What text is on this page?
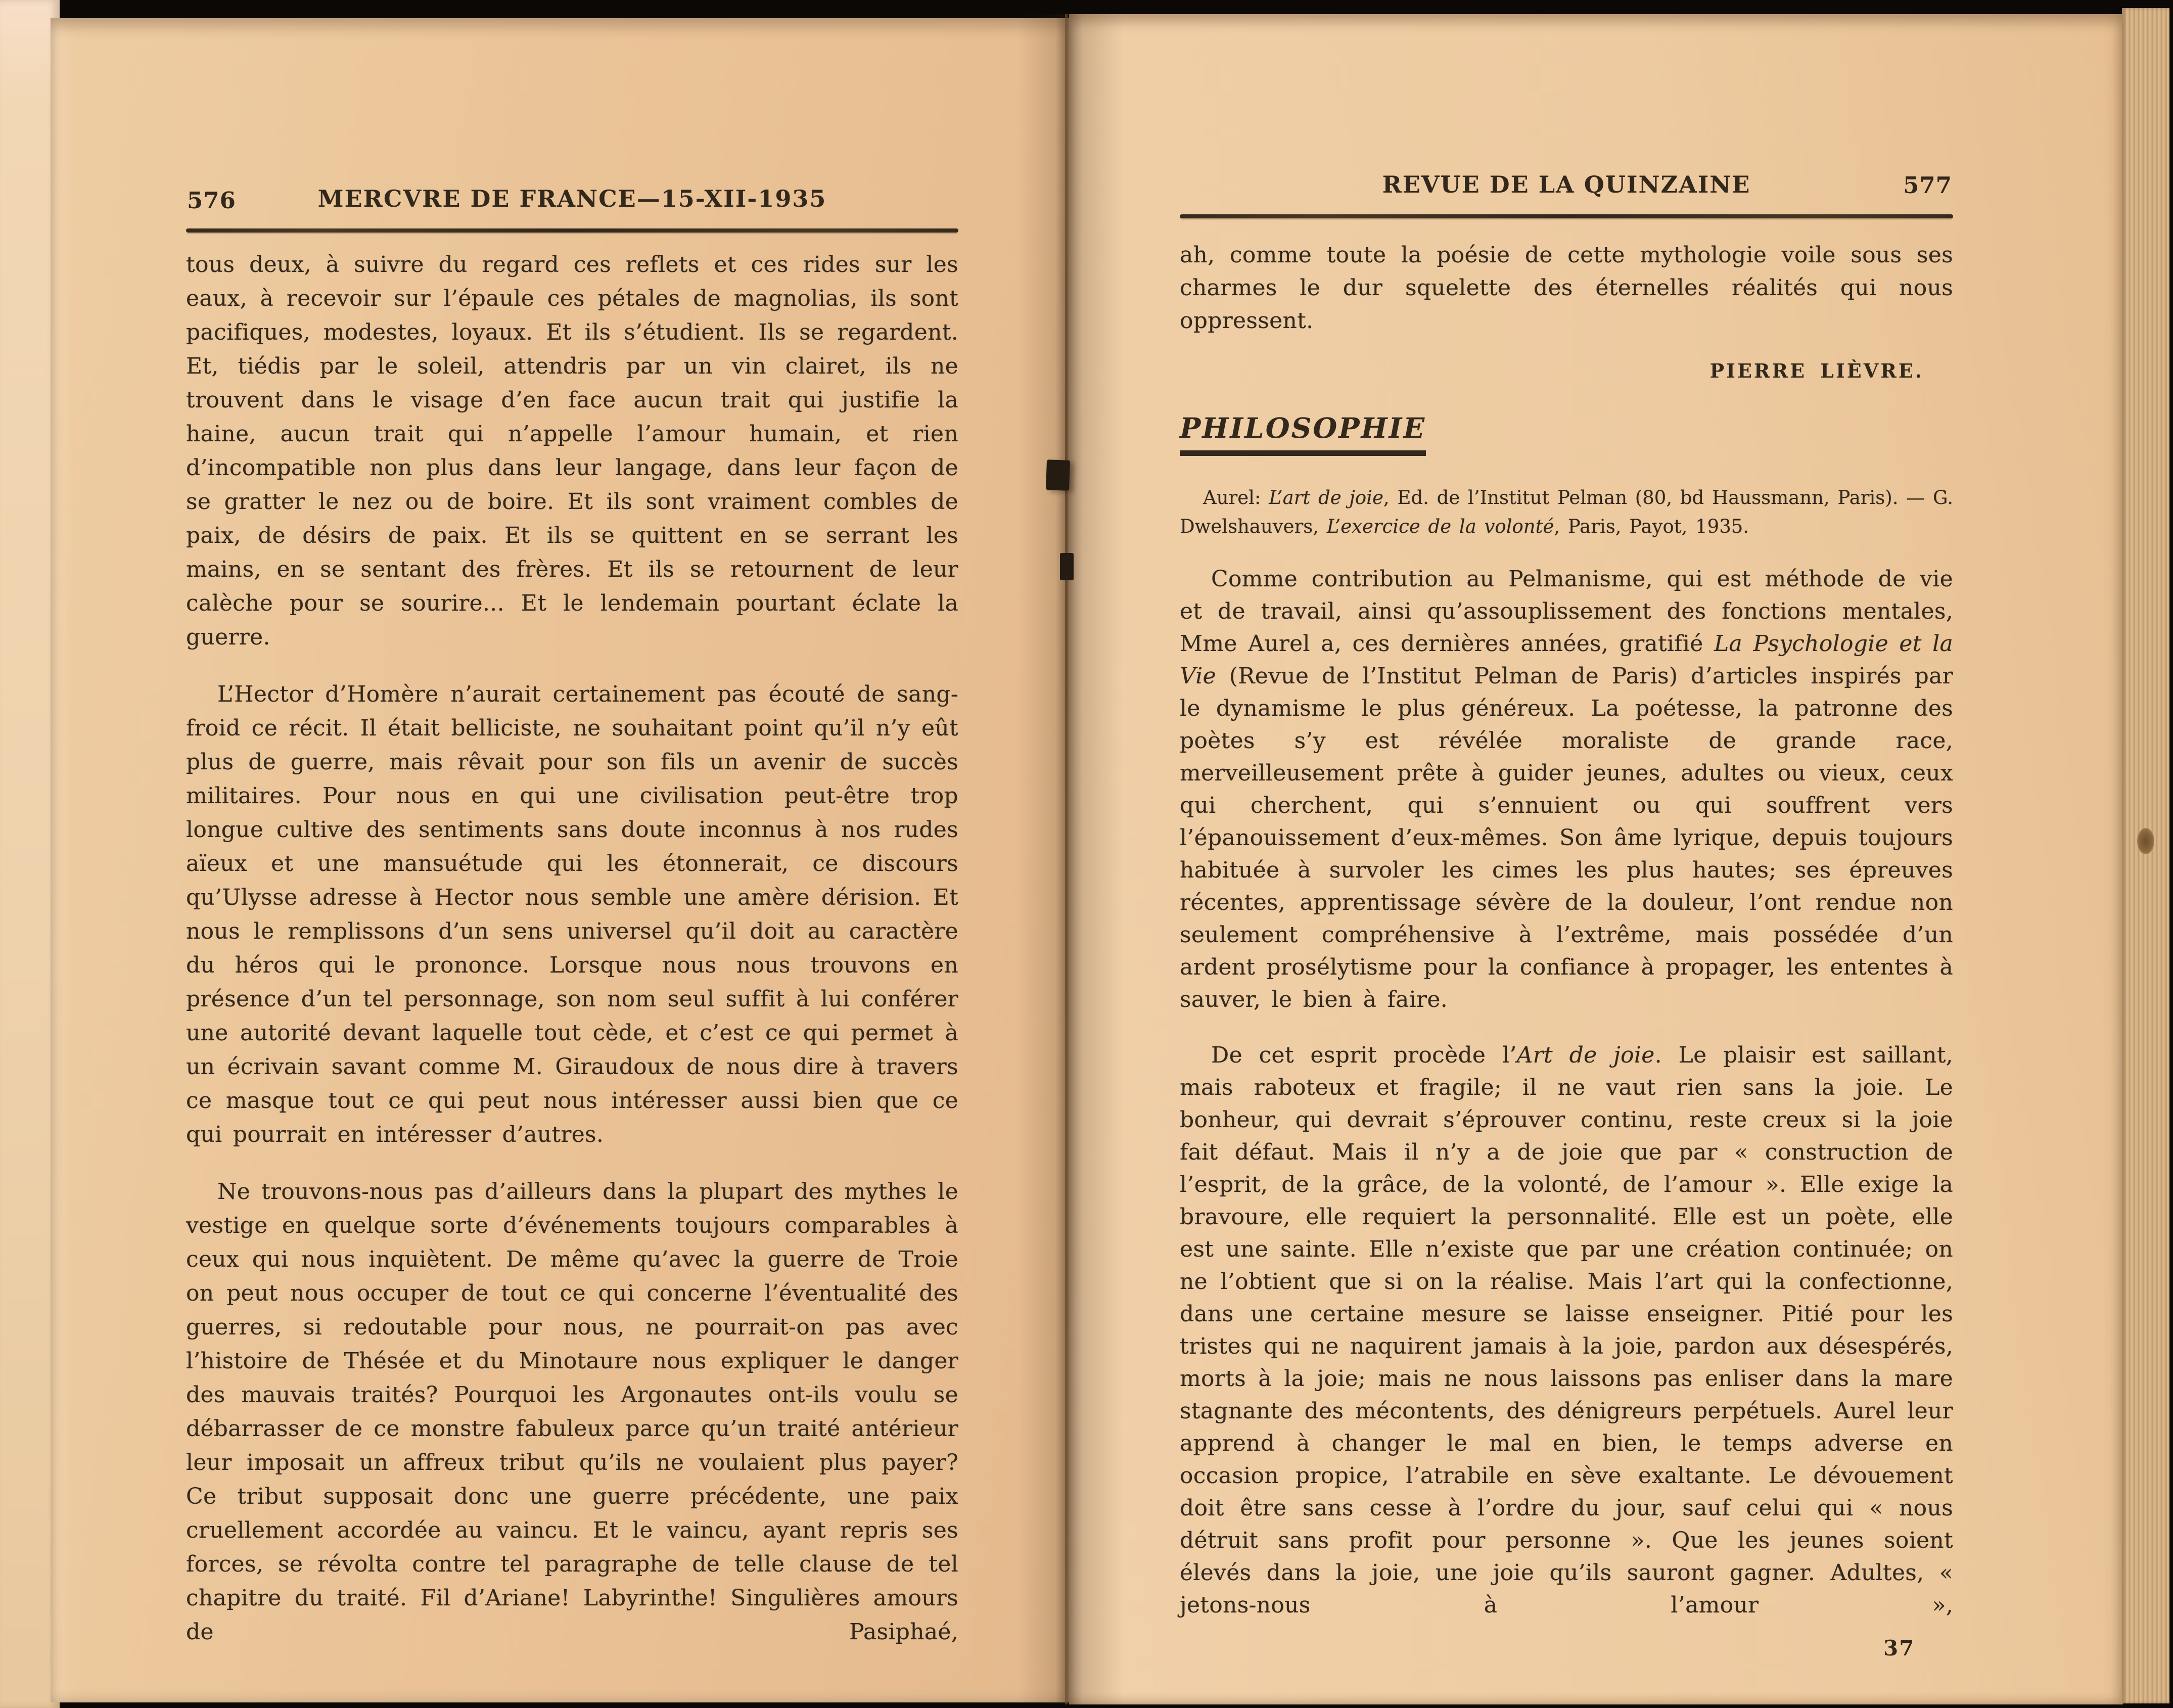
576	MERCVRE DE FRANCE—15-XII-1935

tous deux, à suivre du regard ces reflets et ces rides sur les eaux, à recevoir sur l’épaule ces pétales de magnolias, ils sont pacifiques, modestes, loyaux. Et ils s’étudient. Ils se regardent. Et, tiédis par le soleil, attendris par un vin clairet, ils ne trouvent dans le visage d’en face aucun trait qui justifie la haine, aucun trait qui n’appelle l’amour humain, et rien d’incompatible non plus dans leur langage, dans leur façon de se gratter le nez ou de boire. Et ils sont vraiment combles de paix, de désirs de paix. Et ils se quittent en se serrant les mains, en se sentant des frères. Et ils se retournent de leur calèche pour se sourire... Et le lendemain pourtant éclate la guerre.

L’Hector d’Homère n’aurait certainement pas écouté de sang-froid ce récit. Il était belliciste, ne souhaitant point qu’il n’y eût plus de guerre, mais rêvait pour son fils un avenir de succès militaires. Pour nous en qui une civilisation peut-être trop longue cultive des sentiments sans doute inconnus à nos rudes aïeux et une mansuétude qui les étonnerait, ce discours qu’Ulysse adresse à Hector nous semble une amère dérision. Et nous le remplissons d’un sens universel qu’il doit au caractère du héros qui le prononce. Lorsque nous nous trouvons en présence d’un tel personnage, son nom seul suffit à lui conférer une autorité devant laquelle tout cède, et c’est ce qui permet à un écrivain savant comme M. Giraudoux de nous dire à travers ce masque tout ce qui peut nous intéresser aussi bien que ce qui pourrait en intéresser d’autres.

Ne trouvons-nous pas d’ailleurs dans la plupart des mythes le vestige en quelque sorte d’événements toujours comparables à ceux qui nous inquiètent. De même qu’avec la guerre de Troie on peut nous occuper de tout ce qui concerne l’éventualité des guerres, si redoutable pour nous, ne pourrait-on pas avec l’histoire de Thésée et du Minotaure nous expliquer le danger des mauvais traités? Pourquoi les Argonautes ont-ils voulu se débarrasser de ce monstre fabuleux parce qu’un traité antérieur leur imposait un affreux tribut qu’ils ne voulaient plus payer? Ce tribut supposait donc une guerre précédente, une paix cruellement accordée au vaincu. Et le vaincu, ayant repris ses forces, se révolta contre tel paragraphe de telle clause de tel chapitre du traité. Fil d’Ariane! Labyrinthe! Singulières amours de Pasiphaé,

REVUE DE LA QUINZAINE	577

ah, comme toute la poésie de cette mythologie voile sous ses charmes le dur squelette des éternelles réalités qui nous oppressent.

PIERRE LIÈVRE.
PHILOSOPHIE

Aurel: L’art de joie, Ed. de l’Institut Pelman (80, bd Haussmann, Paris). — G. Dwelshauvers, L’exercice de la volonté, Paris, Payot, 1935.

Comme contribution au Pelmanisme, qui est méthode de vie et de travail, ainsi qu’assouplissement des fonctions mentales, Mme Aurel a, ces dernières années, gratifié La Psychologie et la Vie (Revue de l’Institut Pelman de Paris) d’articles inspirés par le dynamisme le plus généreux. La poétesse, la patronne des poètes s’y est révélée moraliste de grande race, merveilleusement prête à guider jeunes, adultes ou vieux, ceux qui cherchent, qui s’ennuient ou qui souffrent vers l’épanouissement d’eux-mêmes. Son âme lyrique, depuis toujours habituée à survoler les cimes les plus hautes; ses épreuves récentes, apprentissage sévère de la douleur, l’ont rendue non seulement compréhensive à l’extrême, mais possédée d’un ardent prosélytisme pour la confiance à propager, les ententes à sauver, le bien à faire.

De cet esprit procède l’Art de joie. Le plaisir est saillant, mais raboteux et fragile; il ne vaut rien sans la joie. Le bonheur, qui devrait s’éprouver continu, reste creux si la joie fait défaut. Mais il n’y a de joie que par « construction de l’esprit, de la grâce, de la volonté, de l’amour ». Elle exige la bravoure, elle requiert la personnalité. Elle est un poète, elle est une sainte. Elle n’existe que par une création continuée; on ne l’obtient que si on la réalise. Mais l’art qui la confectionne, dans une certaine mesure se laisse enseigner. Pitié pour les tristes qui ne naquirent jamais à la joie, pardon aux désespérés, morts à la joie; mais ne nous laissons pas enliser dans la mare stagnante des mécontents, des dénigreurs perpétuels. Aurel leur apprend à changer le mal en bien, le temps adverse en occasion propice, l’atrabile en sève exaltante. Le dévouement doit être sans cesse à l’ordre du jour, sauf celui qui « nous détruit sans profit pour personne ». Que les jeunes soient élevés dans la joie, une joie qu’ils sauront gagner. Adultes, « jetons-nous à l’amour »,

37
